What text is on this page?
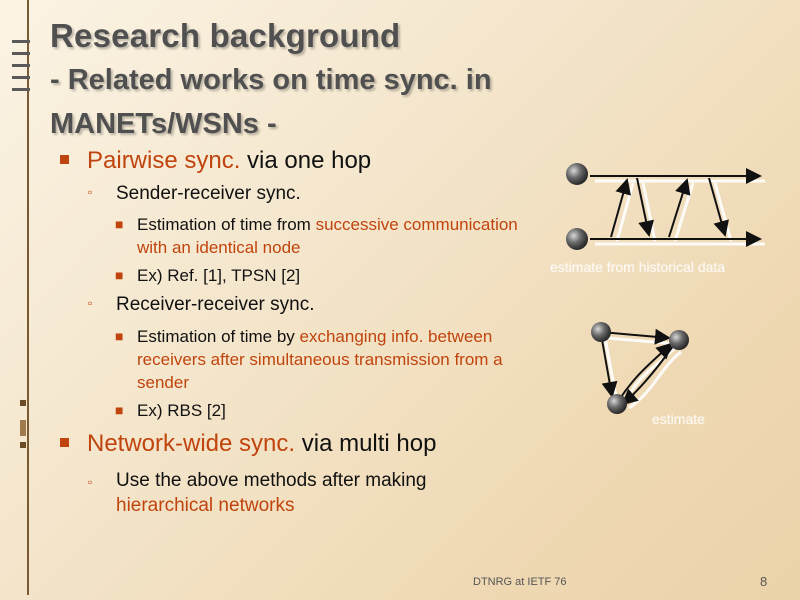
Research background
- Related works on time sync. in
MANETs/WSNs -
Pairwise sync. via one hop
▫ Sender-receiver sync.
■ Estimation of time from successive communication with an identical node
■ Ex) Ref. [1], TPSN [2]
▫ Receiver-receiver sync.
■ Estimation of time by exchanging info. between receivers after simultaneous transmission from a sender
■ Ex) RBS [2]
Network-wide sync. via multi hop
▫ Use the above methods after making hierarchical networks
estimate from historical data
estimate
DTNRG at IETF 76	8
